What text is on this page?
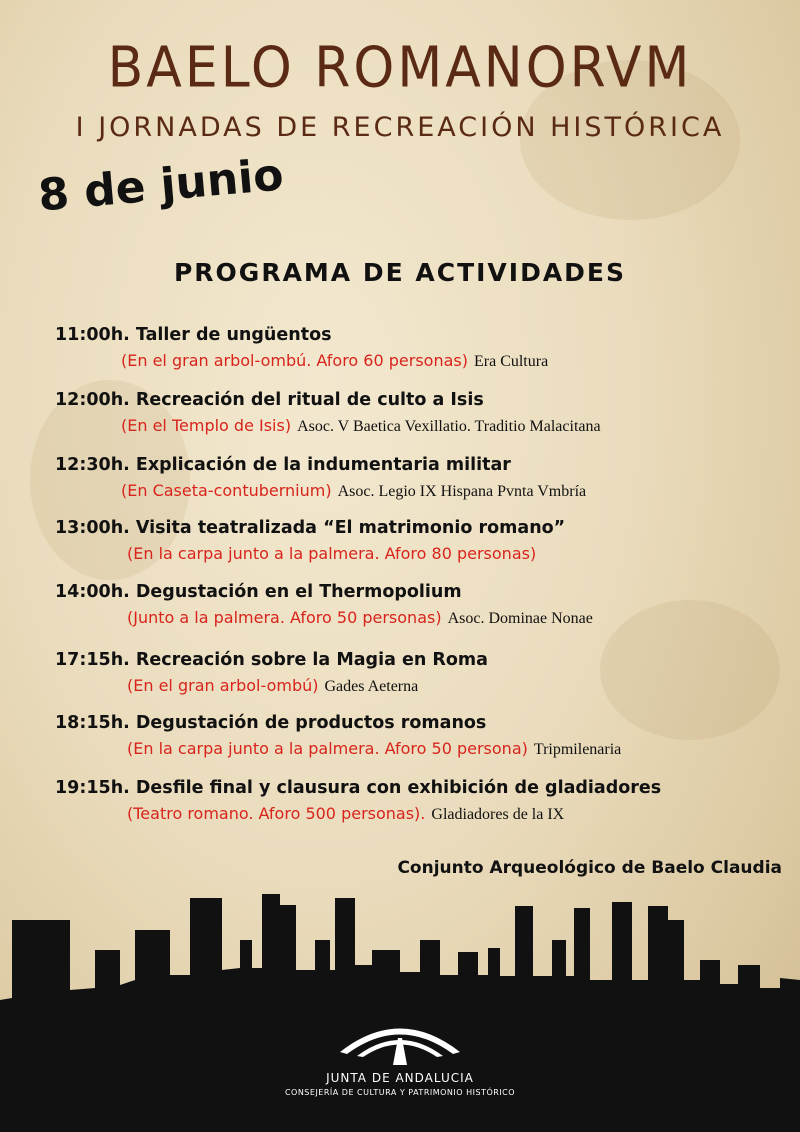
BAELO ROMANORVM
I JORNADAS DE RECREACIÓN HISTÓRICA
8 de junio
PROGRAMA DE ACTIVIDADES
11:00h. Taller de ungüentos
(En el gran arbol-ombú. Aforo 60 personas) Era Cultura
12:00h. Recreación del ritual de culto a Isis
(En el Templo de Isis) Asoc. V Baetica Vexillatio. Traditio Malacitana
12:30h. Explicación de la indumentaria militar
(En Caseta-contubernium) Asoc. Legio IX Hispana Pvnta Vmbría
13:00h. Visita teatralizada “El matrimonio romano”
(En la carpa junto a la palmera. Aforo 80 personas)
14:00h. Degustación en el Thermopolium
(Junto a la palmera. Aforo 50 personas) Asoc. Dominae Nonae
17:15h. Recreación sobre la Magia en Roma
(En el gran arbol-ombú) Gades Aeterna
18:15h. Degustación de productos romanos
(En la carpa junto a la palmera. Aforo 50 persona) Tripmilenaria
19:15h. Desfile final y clausura con exhibición de gladiadores
(Teatro romano. Aforo 500 personas). Gladiadores de la IX
Conjunto Arqueológico de Baelo Claudia
JUNTA DE ANDALUCIA
CONSEJERÍA DE CULTURA Y PATRIMONIO HISTÓRICO
